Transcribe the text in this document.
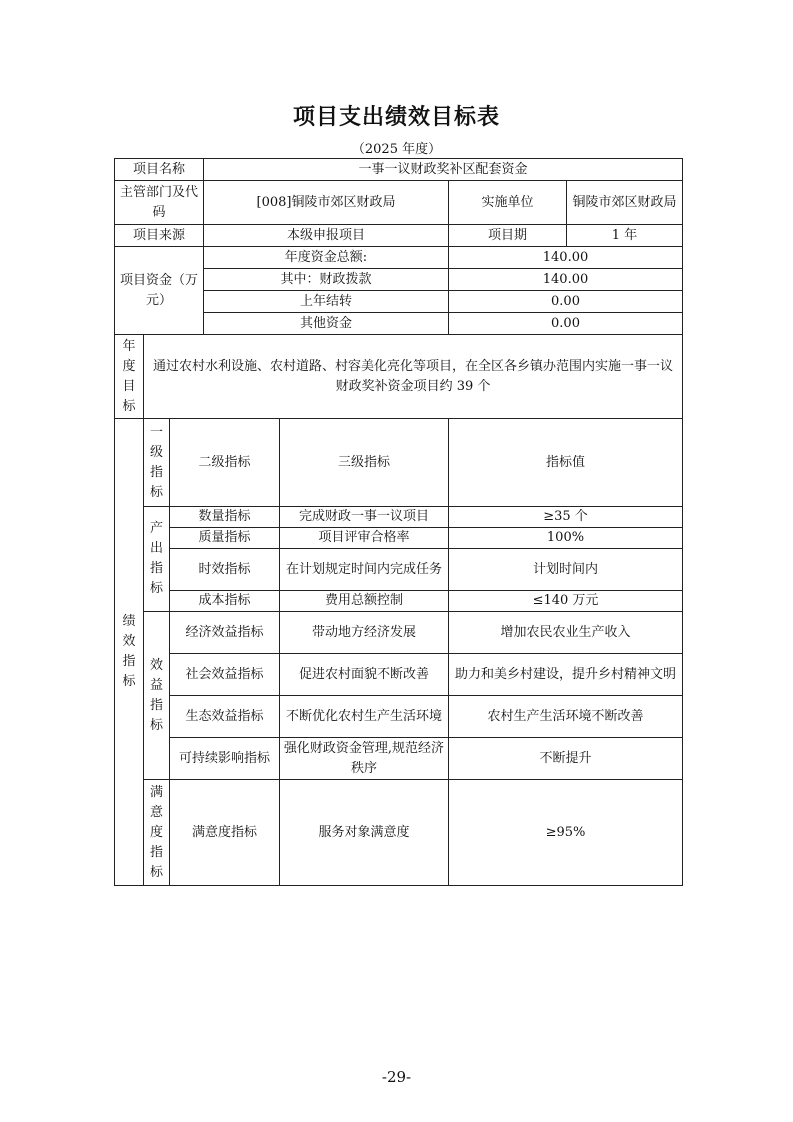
项目支出绩效目标表
（2025 年度）
项目名称			一事一议财政奖补区配套资金			
主管部门及代码			[008]铜陵市郊区财政局		实施单位	铜陵市郊区财政局
项目来源			本级申报项目		项目期	1 年
项目资金（万元）			年度资金总额:		140.00	
			其中：财政拨款		140.00	
			上年结转		0.00	
			其他资金		0.00	
年度目标	通过农村水利设施、农村道路、村容美化亮化等项目，在全区各乡镇办范围内实施一事一议财政奖补资金项目约 39 个					
绩效指标	一级指标	二级指标		三级指标	指标值	
	产出指标	数量指标		完成财政一事一议项目	≥35 个	
		质量指标		项目评审合格率	100%	
		时效指标		在计划规定时间内完成任务	计划时间内	
		成本指标		费用总额控制	≤140 万元	
	效益指标	经济效益指标		带动地方经济发展	增加农民农业生产收入	
		社会效益指标		促进农村面貌不断改善	助力和美乡村建设，提升乡村精神文明	
		生态效益指标		不断优化农村生产生活环境	农村生产生活环境不断改善	
		可持续影响指标		强化财政资金管理,规范经济秩序	不断提升	
	满意度指标	满意度指标		服务对象满意度	≥95%	
-29-
